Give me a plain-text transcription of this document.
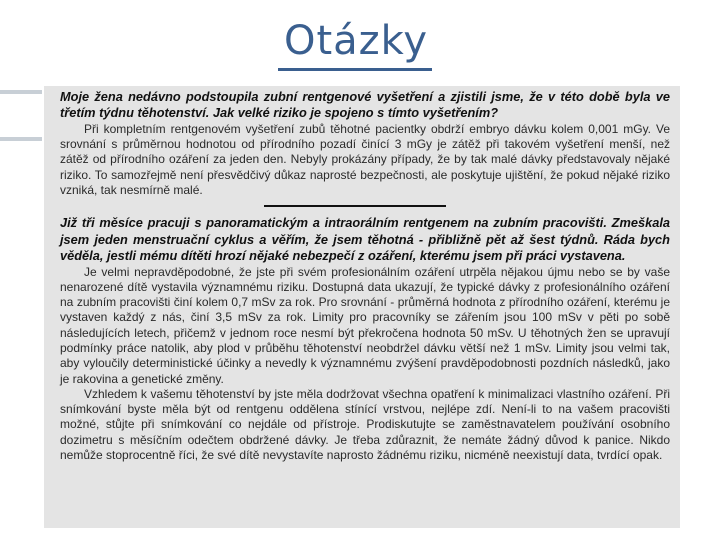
Otázky

Moje žena nedávno podstoupila zubní rentgenové vyšetření a zjistili jsme, že v této době byla ve třetím týdnu těhotenství. Jak velké riziko je spojeno s tímto vyšetřením?

Při kompletním rentgenovém vyšetření zubů těhotné pacientky obdrží embryo dávku kolem 0,001 mGy. Ve srovnání s průměrnou hodnotou od přírodního pozadí činící 3 mGy je zátěž při takovém vyšetření menší, než zátěž od přírodního ozáření za jeden den. Nebyly prokázány případy, že by tak malé dávky představovaly nějaké riziko. To samozřejmě není přesvědčivý důkaz naprosté bezpečnosti, ale poskytuje ujištění, že pokud nějaké riziko vzniká, tak nesmírně malé.

Již tři měsíce pracuji s panoramatickým a intraorálním rentgenem na zubním pracovišti. Zmeškala jsem jeden menstruační cyklus a věřím, že jsem těhotná - přibližně pět až šest týdnů. Ráda bych věděla, jestli mému dítěti hrozí nějaké nebezpečí z ozáření, kterému jsem při práci vystavena.

Je velmi nepravděpodobné, že jste při svém profesionálním ozáření utrpěla nějakou újmu nebo se by vaše nenarozené dítě vystavila významnému riziku. Dostupná data ukazují, že typické dávky z profesionálního ozáření na zubním pracovišti činí kolem 0,7 mSv za rok. Pro srovnání - průměrná hodnota z přírodního ozáření, kterému je vystaven každý z nás, činí 3,5 mSv za rok. Limity pro pracovníky se zářením jsou 100 mSv v pěti po sobě následujících letech, přičemž v jednom roce nesmí být překročena hodnota 50 mSv. U těhotných žen se upravují podmínky práce natolik, aby plod v průběhu těhotenství neobdržel dávku větší než 1 mSv. Limity jsou velmi tak, aby vyloučily deterministické účinky a nevedly k významnému zvýšení pravděpodobnosti pozdních následků, jako je rakovina a genetické změny.

Vzhledem k vašemu těhotenství by jste měla dodržovat všechna opatření k minimalizaci vlastního ozáření. Při snímkování byste měla být od rentgenu oddělena stínící vrstvou, nejlépe zdí. Není-li to na vašem pracovišti možné, stůjte při snímkování co nejdále od přístroje. Prodiskutujte se zaměstnavatelem používání osobního dozimetru s měsíčním odečtem obdržené dávky. Je třeba zdůraznit, že nemáte žádný důvod k panice. Nikdo nemůže stoprocentně říci, že své dítě nevystavíte naprosto žádnému riziku, nicméně neexistují data, tvrdící opak.
